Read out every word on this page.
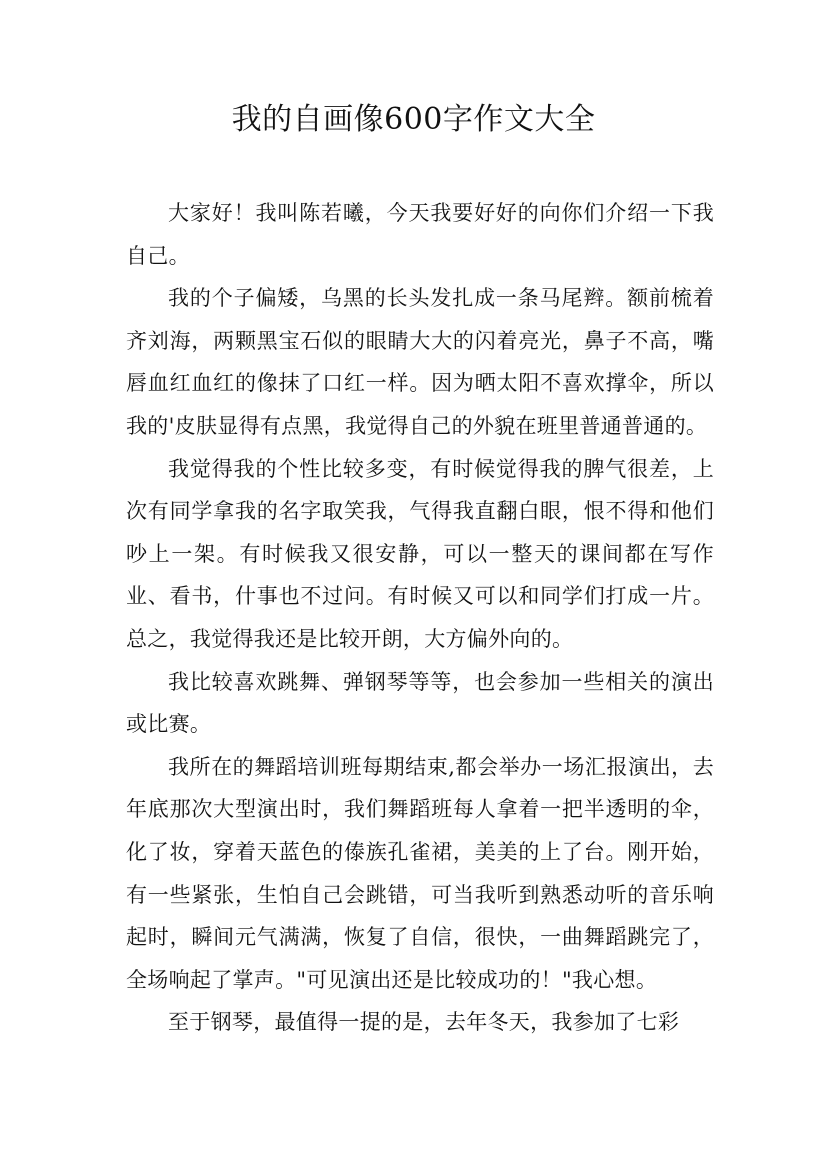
我的自画像600字作文大全

大家好！我叫陈若曦，今天我要好好的向你们介绍一下我自己。

我的个子偏矮，乌黑的长头发扎成一条马尾辫。额前梳着齐刘海，两颗黑宝石似的眼睛大大的闪着亮光，鼻子不高，嘴唇血红血红的像抹了口红一样。因为晒太阳不喜欢撑伞，所以我的'皮肤显得有点黑，我觉得自己的外貌在班里普通普通的。

我觉得我的个性比较多变，有时候觉得我的脾气很差，上次有同学拿我的名字取笑我，气得我直翻白眼，恨不得和他们吵上一架。有时候我又很安静，可以一整天的课间都在写作业、看书，什事也不过问。有时候又可以和同学们打成一片。总之，我觉得我还是比较开朗，大方偏外向的。

我比较喜欢跳舞、弹钢琴等等，也会参加一些相关的演出或比赛。

我所在的舞蹈培训班每期结束,都会举办一场汇报演出，去年底那次大型演出时，我们舞蹈班每人拿着一把半透明的伞，化了妆，穿着天蓝色的傣族孔雀裙，美美的上了台。刚开始，有一些紧张，生怕自己会跳错，可当我听到熟悉动听的音乐响起时，瞬间元气满满，恢复了自信，很快，一曲舞蹈跳完了，全场响起了掌声。"可见演出还是比较成功的！"我心想。

至于钢琴，最值得一提的是，去年冬天，我参加了七彩
